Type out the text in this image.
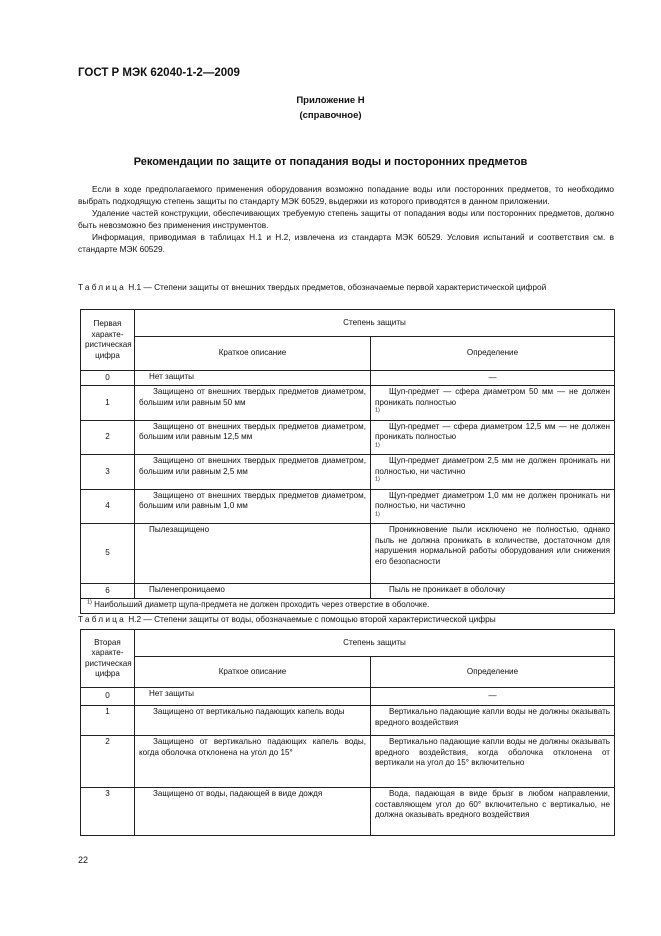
ГОСТ Р МЭК 62040-1-2—2009
Приложение Н
(справочное)
Рекомендации по защите от попадания воды и посторонних предметов

Если в ходе предполагаемого применения оборудования возможно попадание воды или посторонних предметов, то необходимо выбрать подходящую степень защиты по стандарту МЭК 60529, выдержки из которого приводятся в данном приложении.

Удаление частей конструкции, обеспечивающих требуемую степень защиты от попадания воды или посторонних предметов, должно быть невозможно без применения инструментов.

Информация, приводимая в таблицах Н.1 и Н.2, извлечена из стандарта МЭК 60529. Условия испытаний и соответствия см. в стандарте МЭК 60529.

Таблица Н.1 — Степени защиты от внешних твердых предметов, обозначаемые первой характеристической цифрой
Первая характе-ристическая цифра	Степень защиты	
	Краткое описание	Определение
0	Нет защиты	—
1	Защищено от внешних твердых предметов диаметром, большим или равным 50 мм	Щуп-предмет — сфера диаметром 50 мм — не должен проникать полностью
$^{1)}$
2	Защищено от внешних твердых предметов диаметром, большим или равным 12,5 мм	Щуп-предмет — сфера диаметром 12,5 мм — не должен проникать полностью
$^{1)}$
3	Защищено от внешних твердых предметов диаметром, большим или равным 2,5 мм	Щуп-предмет диаметром 2,5 мм не должен проникать ни полностью, ни частично
$^{1)}$
4	Защищено от внешних твердых предметов диаметром, большим или равным 1,0 мм	Щуп-предмет диаметром 1,0 мм не должен проникать ни полностью, ни частично
$^{1)}$
5	Пылезащищено	Проникновение пыли исключено не полностью, однако пыль не должна проникать в количестве, достаточном для нарушения нормальной работы оборудования или снижения его безопасности

6	Пыленепроницаемо	Пыль не проникает в оболочку

$^{1)}$ Наибольший диаметр щупа-предмета не должен проходить через отверстие в оболочке.		
Таблица Н.2 — Степени защиты от воды, обозначаемые с помощью второй характеристической цифры
Вторая характе-ристическая цифра	Степень защиты	
	Краткое описание	Определение
0	Нет защиты	—
1	Защищено от вертикально падающих капель воды	Вертикально падающие капли воды не должны оказывать вредного воздействия

2	Защищено от вертикально падающих капель воды, когда оболочка отклонена на угол до 15°	Вертикально падающие капли воды не должны оказывать вредного воздействия, когда оболочка отклонена от вертикали на угол до 15° включительно

3	Защищено от воды, падающей в виде дождя	Вода, падающая в виде брызг в любом направлении, составляющем угол до 60° включительно с вертикалью, не должна оказывать вредного воздействия
22
